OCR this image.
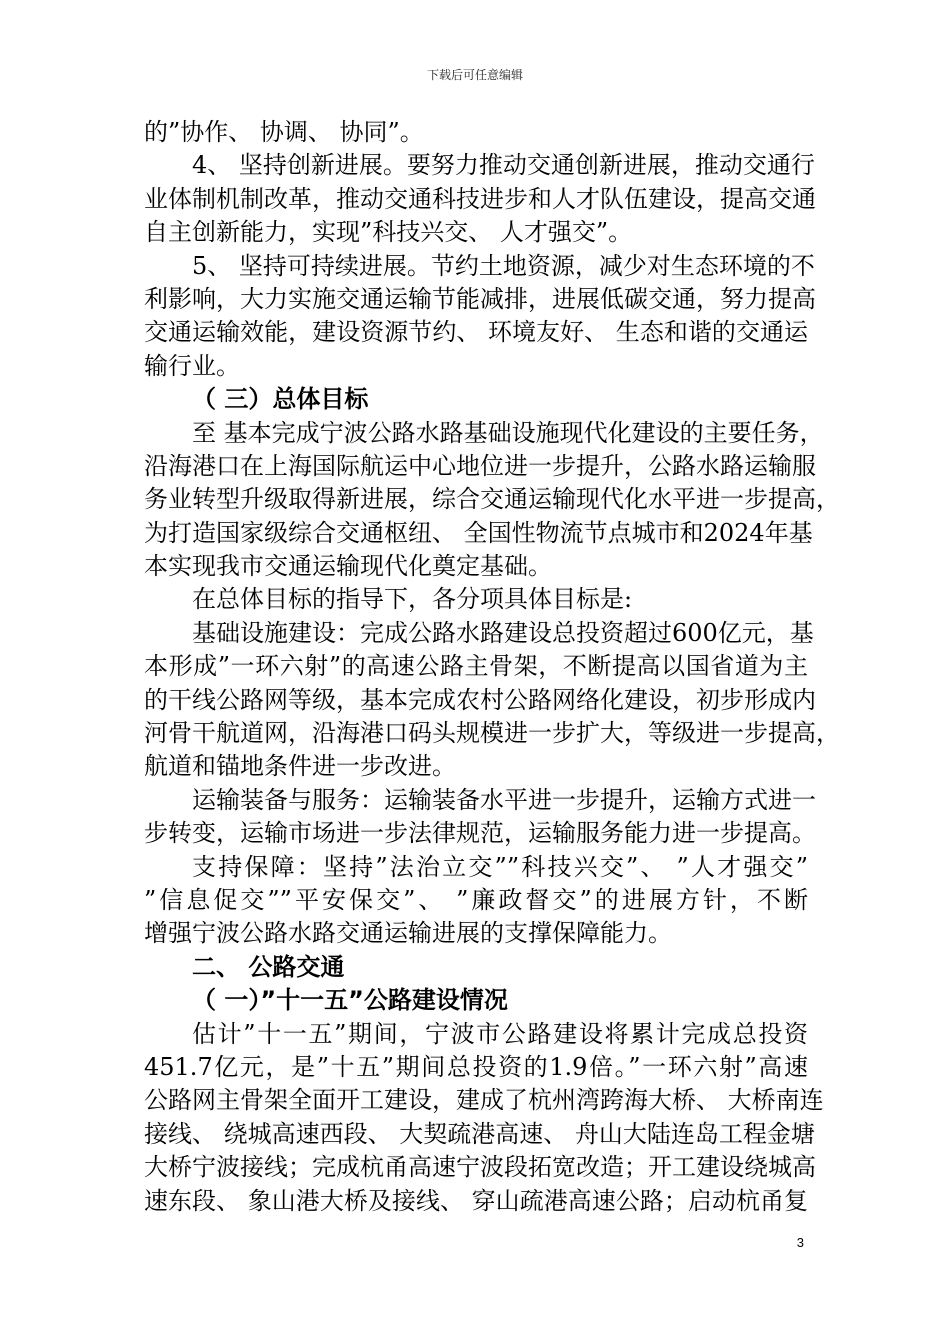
下载后可任意编辑
的”协作、 协调、 协同”。
4、 坚持创新进展。要努力推动交通创新进展，推动交通行
业体制机制改革，推动交通科技进步和人才队伍建设，提高交通
自主创新能力，实现”科技兴交、 人才强交”。
5、 坚持可持续进展。节约土地资源，减少对生态环境的不
利影响，大力实施交通运输节能减排，进展低碳交通，努力提高
交通运输效能，建设资源节约、 环境友好、 生态和谐的交通运
输行业。
（ 三）总体目标
至 基本完成宁波公路水路基础设施现代化建设的主要任务，
沿海港口在上海国际航运中心地位进一步提升，公路水路运输服
务业转型升级取得新进展，综合交通运输现代化水平进一步提高，
为打造国家级综合交通枢纽、 全国性物流节点城市和2024年基
本实现我市交通运输现代化奠定基础。
在总体目标的指导下，各分项具体目标是:
基础设施建设：完成公路水路建设总投资超过600亿元，基
本形成”一环六射”的高速公路主骨架，不断提高以国省道为主
的干线公路网等级，基本完成农村公路网络化建设，初步形成内
河骨干航道网，沿海港口码头规模进一步扩大，等级进一步提高，
航道和锚地条件进一步改进。
运输装备与服务：运输装备水平进一步提升，运输方式进一
步转变，运输市场进一步法律规范，运输服务能力进一步提高。
支持保障：坚持”法治立交””科技兴交”、 ”人才强交”
”信息促交””平安保交”、 ”廉政督交”的进展方针，不断
增强宁波公路水路交通运输进展的支撑保障能力。
二、 公路交通
（ 一）”十一五”公路建设情况
估计”十一五”期间，宁波市公路建设将累计完成总投资
451.7亿元，是”十五”期间总投资的1.9倍。”一环六射”高速
公路网主骨架全面开工建设，建成了杭州湾跨海大桥、 大桥南连
接线、 绕城高速西段、 大契疏港高速、 舟山大陆连岛工程金塘
大桥宁波接线；完成杭甬高速宁波段拓宽改造；开工建设绕城高
速东段、 象山港大桥及接线、 穿山疏港高速公路；启动杭甬复
3
